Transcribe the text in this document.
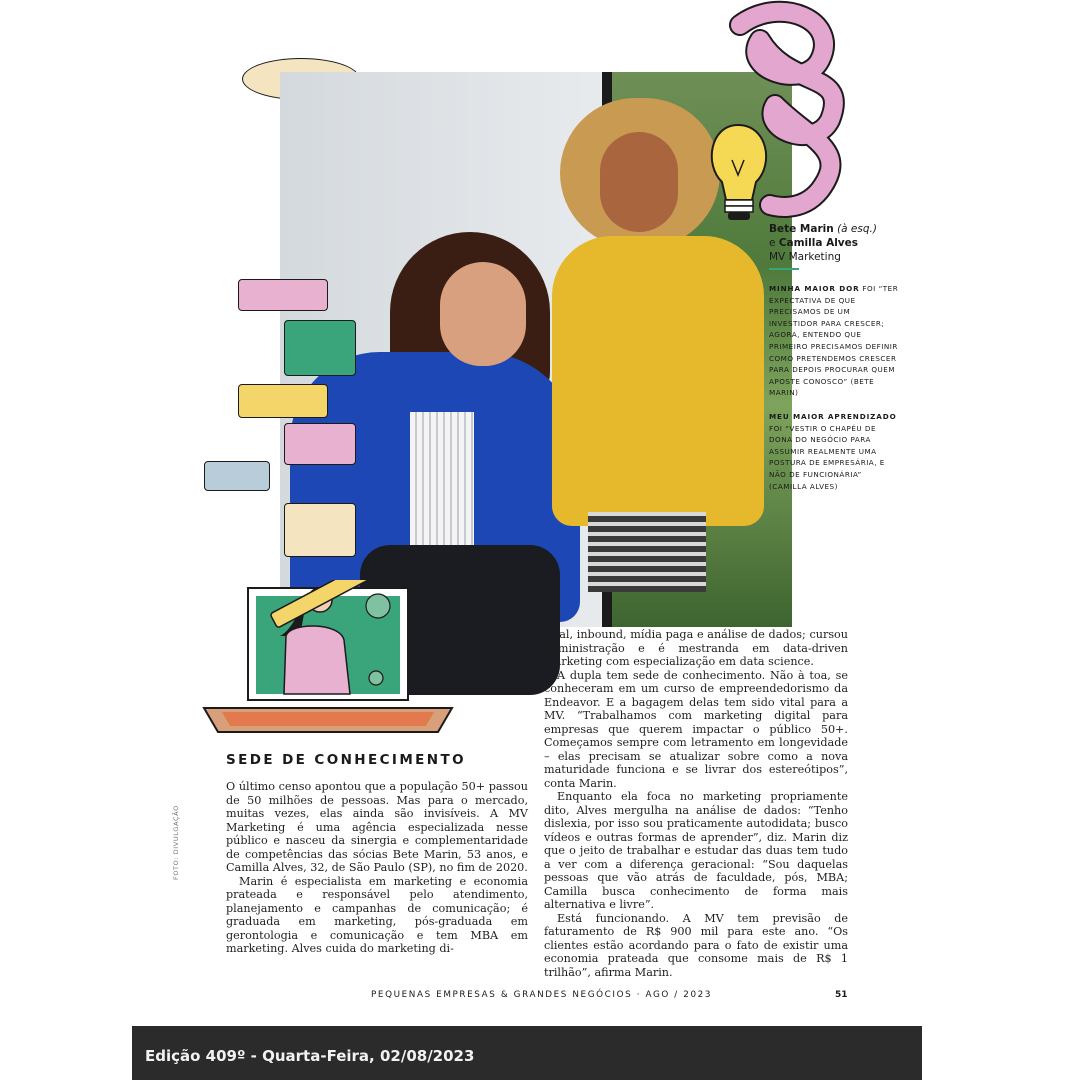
Bete Marin (à esq.)
e Camilla Alves
MV Marketing
MINHA MAIOR DOR FOI “TER EXPECTATIVA DE QUE PRECISAMOS DE UM INVESTIDOR PARA CRESCER; AGORA, ENTENDO QUE PRIMEIRO PRECISAMOS DEFINIR COMO PRETENDEMOS CRESCER PARA DEPOIS PROCURAR QUEM APOSTE CONOSCO” (BETE MARIN)
MEU MAIOR APRENDIZADO FOI “VESTIR O CHAPÉU DE DONA DO NEGÓCIO PARA ASSUMIR REALMENTE UMA POSTURA DE EMPRESÁRIA, E NÃO DE FUNCIONÁRIA” (CAMILLA ALVES)
SEDE DE CONHECIMENTO

O último censo apontou que a população 50+ passou de 50 milhões de pessoas. Mas para o mercado, muitas vezes, elas ainda são invisíveis. A MV Marketing é uma agência especializada nesse público e nasceu da sinergia e complementaridade de competências das sócias Bete Marin, 53 anos, e Camilla Alves, 32, de São Paulo (SP), no fim de 2020.

Marin é especialista em marketing e economia prateada e responsável pelo atendimento, planejamento e campanhas de comunicação; é graduada em marketing, pós-graduada em gerontologia e comunicação e tem MBA em marketing. Alves cuida do marketing di-

gital, inbound, mídia paga e análise de dados; cursou administração e é mestranda em data-driven marketing com especialização em data science.

A dupla tem sede de conhecimento. Não à toa, se conheceram em um curso de empreendedorismo da Endeavor. E a bagagem delas tem sido vital para a MV. “Trabalhamos com marketing digital para empresas que querem impactar o público 50+. Começamos sempre com letramento em longevidade – elas precisam se atualizar sobre como a nova maturidade funciona e se livrar dos estereótipos”, conta Marin.

Enquanto ela foca no marketing propriamente dito, Alves mergulha na análise de dados: “Tenho dislexia, por isso sou praticamente autodidata; busco vídeos e outras formas de aprender”, diz. Marin diz que o jeito de trabalhar e estudar das duas tem tudo a ver com a diferença geracional: “Sou daquelas pessoas que vão atrás de faculdade, pós, MBA; Camilla busca conhecimento de forma mais alternativa e livre”.

Está funcionando. A MV tem previsão de faturamento de R$ 900 mil para este ano. “Os clientes estão acordando para o fato de existir uma economia prateada que consome mais de R$ 1 trilhão”, afirma Marin.

FOTO: DIVULGAÇÃO
PEQUENAS EMPRESAS & GRANDES NEGÓCIOS · AGO / 2023	51
Edição 409º - Quarta-Feira, 02/08/2023
